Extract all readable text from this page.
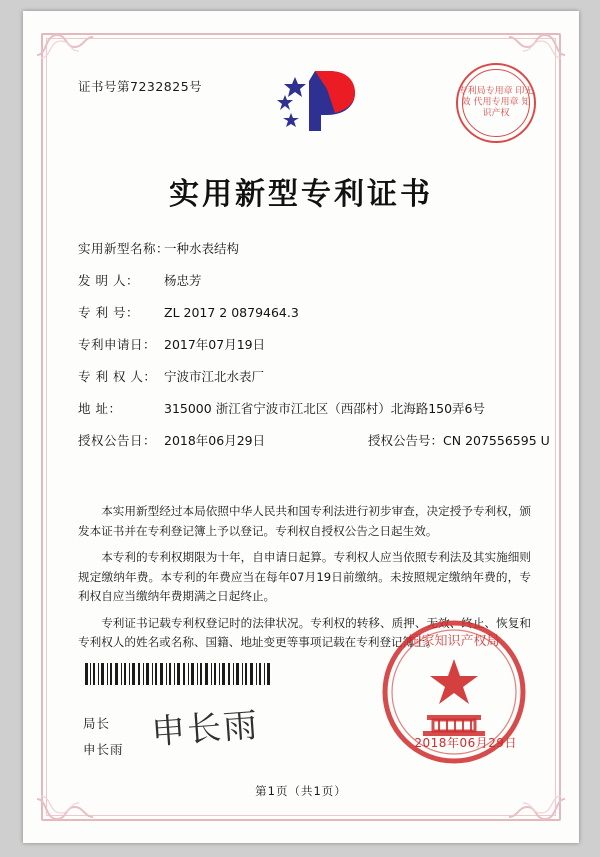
证书号第7232825号	专利局专用章 印无效 代用专用章 知识产权
实用新型专利证书
实用新型名称：一种水表结构
发 明 人： 杨忠芳
专 利 号： ZL 2017 2 0879464.3
专利申请日： 2017年07月19日
专 利 权 人： 宁波市江北水表厂
地 址：	315000 浙江省宁波市江北区（西邵村）北海路150弄6号
授权公告日： 2018年06月29日	授权公告号：CN 207556595 U
本实用新型经过本局依照中华人民共和国专利法进行初步审查，决定授予专利权，颁发本证书并在专利登记簿上予以登记。专利权自授权公告之日起生效。
本专利的专利权期限为十年，自申请日起算。专利权人应当依照专利法及其实施细则规定缴纳年费。本专利的年费应当在每年07月19日前缴纳。未按照规定缴纳年费的，专利权自应当缴纳年费期满之日起终止。
专利证书记载专利权登记时的法律状况。专利权的转移、质押、无效、终止、恢复和专利权人的姓名或名称、国籍、地址变更等事项记载在专利登记簿上。
局长
申长雨 申长雨
国家知识产权局
2018年06月29日
第1页（共1页）
